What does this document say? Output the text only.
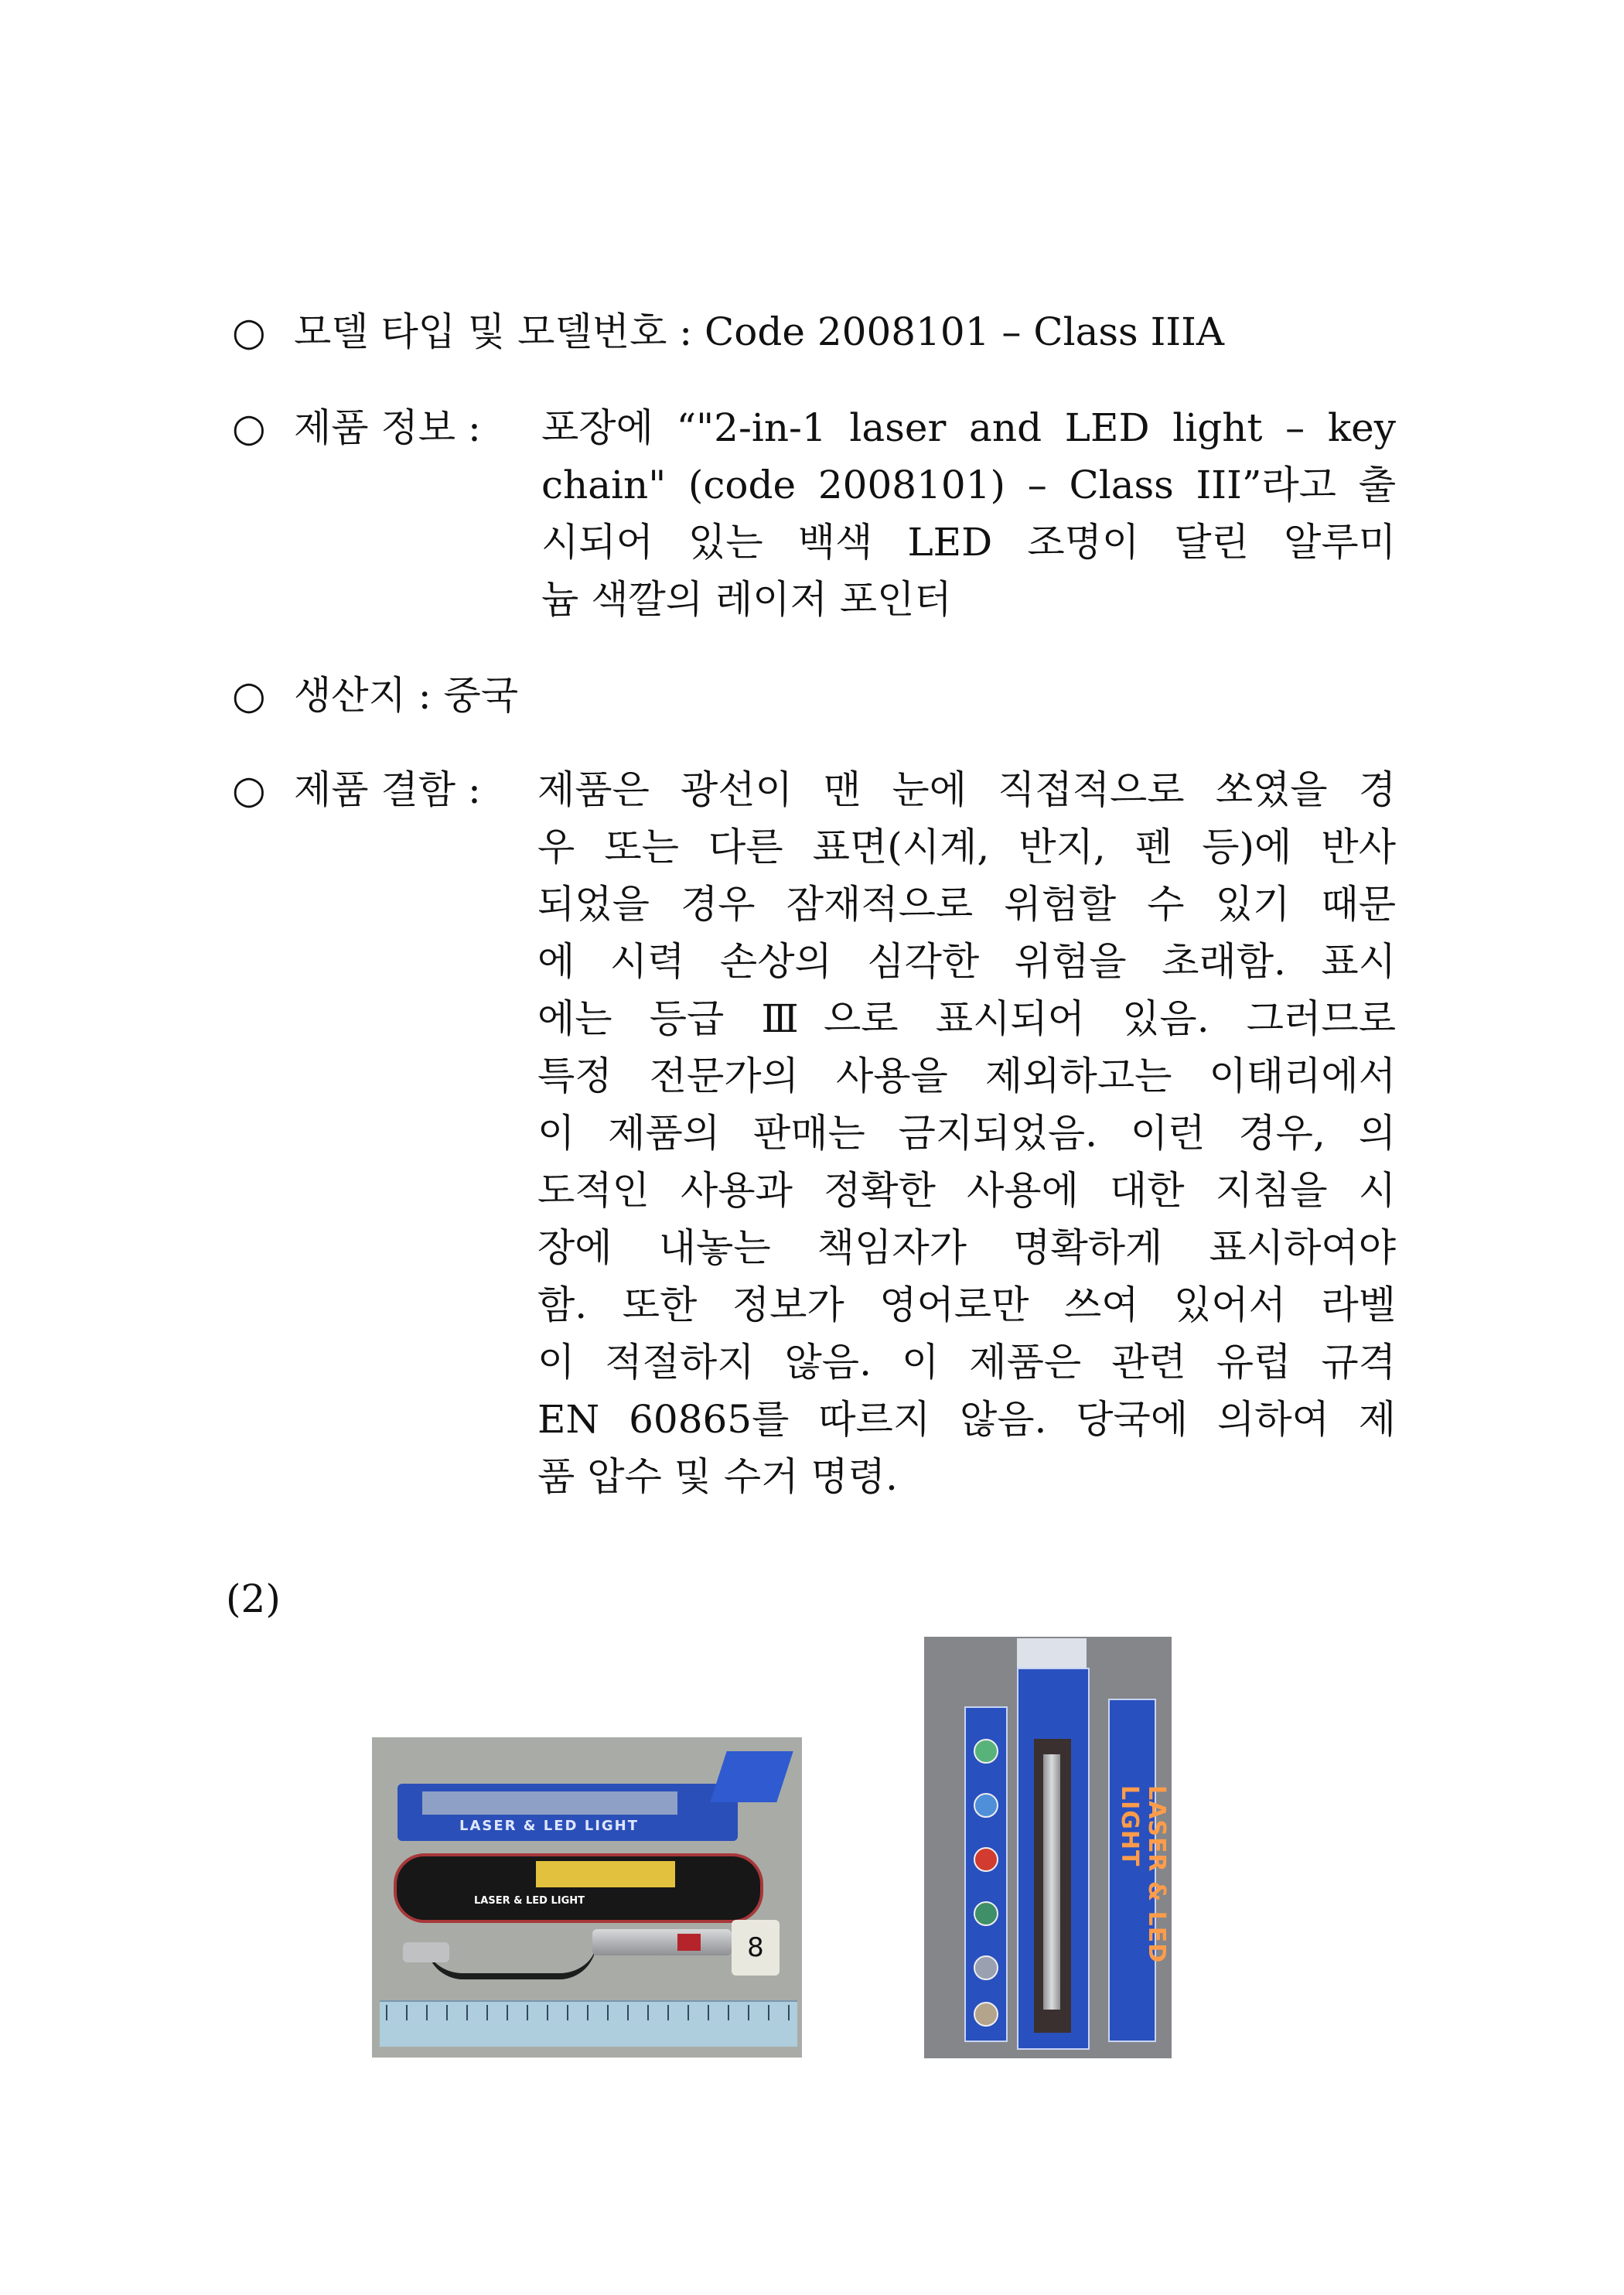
○ 모델 타입 및 모델번호 : Code 2008101 – Class IIIA
○ 제품 정보 : 포장에 “"2-in-1 laser and LED light – key
chain" (code 2008101) – Class III”라고 출
시되어 있는 백색 LED 조명이 달린 알루미
늄 색깔의 레이저 포인터
○ 생산지 : 중국
○ 제품 결함 : 제품은 광선이 맨 눈에 직접적으로 쏘였을 경
우 또는 다른 표면(시계, 반지, 펜 등)에 반사
되었을 경우 잠재적으로 위험할 수 있기 때문
에 시력 손상의 심각한 위험을 초래함. 표시
에는 등급 Ⅲ으로 표시되어 있음. 그러므로
특정 전문가의 사용을 제외하고는 이태리에서
이 제품의 판매는 금지되었음. 이런 경우, 의
도적인 사용과 정확한 사용에 대한 지침을 시
장에 내놓는 책임자가 명확하게 표시하여야
함. 또한 정보가 영어로만 쓰여 있어서 라벨
이 적절하지 않음. 이 제품은 관련 유럽 규격
EN 60865를 따르지 않음. 당국에 의하여 제
품 압수 및 수거 명령.
(2)
LASER & LED LIGHT
LASER & LED LIGHT
8	LASER & LED LIGHT
